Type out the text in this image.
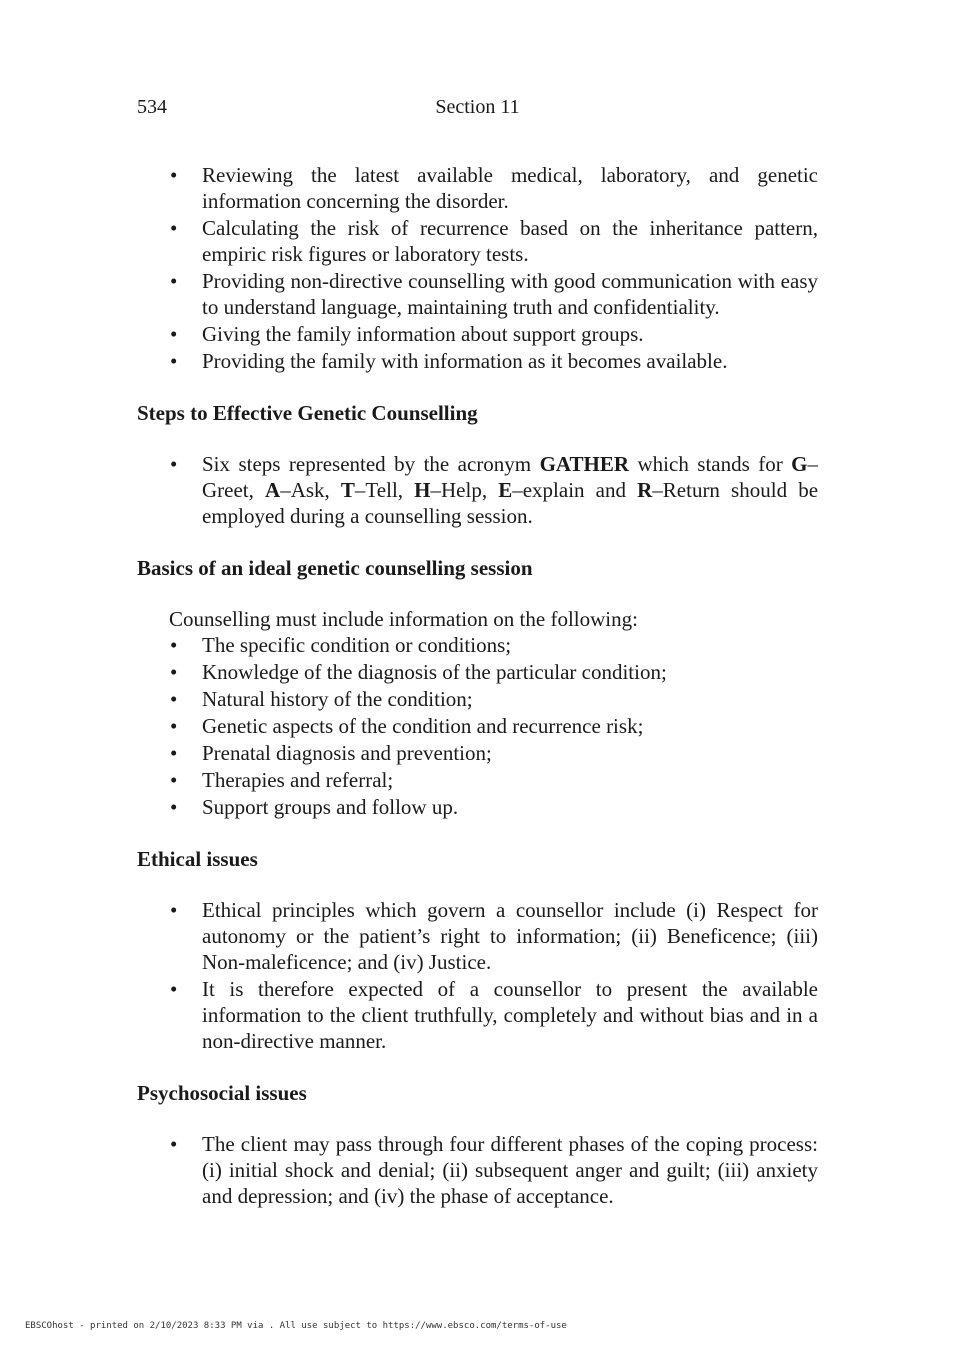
534	Section 11
• Reviewing the latest available medical, laboratory, and genetic information concerning the disorder.
• Calculating the risk of recurrence based on the inheritance pattern, empiric risk figures or laboratory tests.
• Providing non-directive counselling with good communication with easy to understand language, maintaining truth and confidentiality.
• Giving the family information about support groups.
• Providing the family with information as it becomes available.
Steps to Effective Genetic Counselling
• Six steps represented by the acronym GATHER which stands for G–Greet, A–Ask, T–Tell, H–Help, E–explain and R–Return should be employed during a counselling session.
Basics of an ideal genetic counselling session

Counselling must include information on the following:

• The specific condition or conditions;
• Knowledge of the diagnosis of the particular condition;
• Natural history of the condition;
• Genetic aspects of the condition and recurrence risk;
• Prenatal diagnosis and prevention;
• Therapies and referral;
• Support groups and follow up.
Ethical issues
• Ethical principles which govern a counsellor include (i) Respect for autonomy or the patient’s right to information; (ii) Beneficence; (iii) Non-maleficence; and (iv) Justice.
• It is therefore expected of a counsellor to present the available information to the client truthfully, completely and without bias and in a non-directive manner.
Psychosocial issues
• The client may pass through four different phases of the coping process: (i) initial shock and denial; (ii) subsequent anger and guilt; (iii) anxiety and depression; and (iv) the phase of acceptance.
EBSCOhost - printed on 2/10/2023 8:33 PM via . All use subject to https://www.ebsco.com/terms-of-use
